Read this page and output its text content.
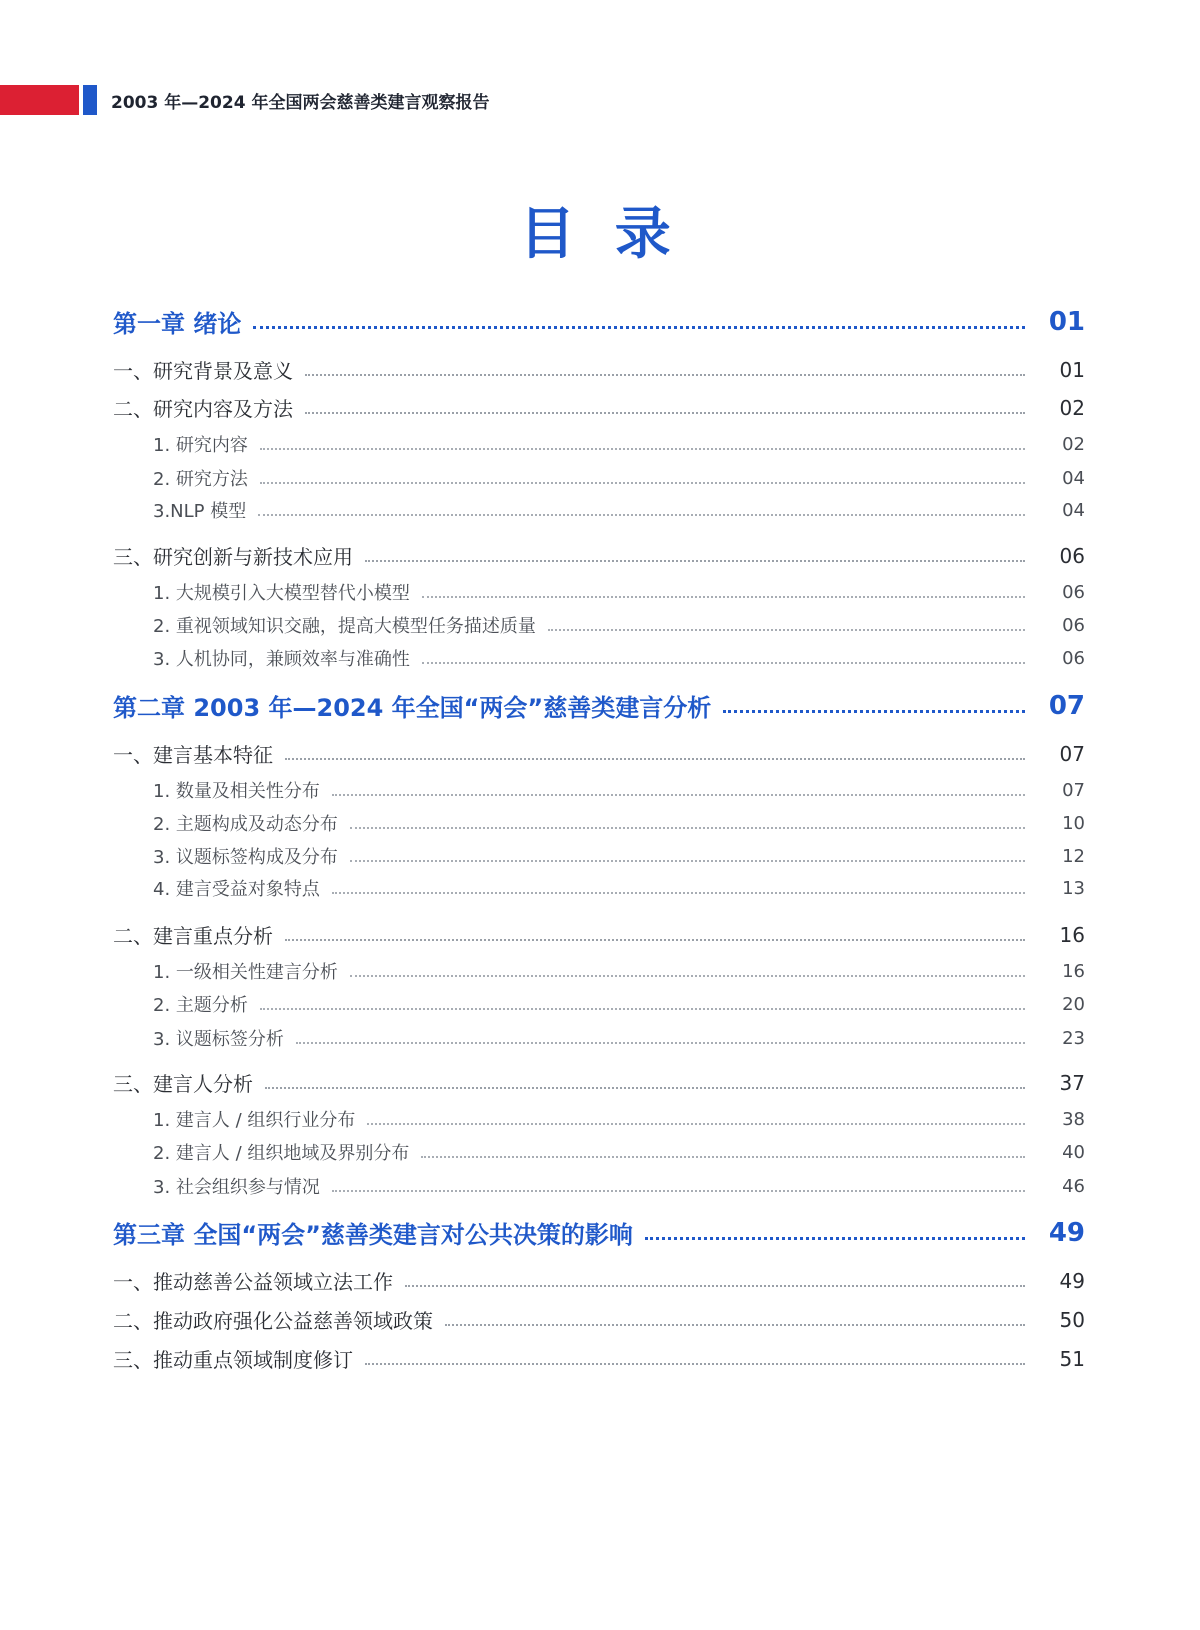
2003 年—2024 年全国两会慈善类建言观察报告
目 录
第一章 绪论	01
一、研究背景及意义	01
二、研究内容及方法	02
1. 研究内容	02
2. 研究方法	04
3.NLP 模型	04
三、研究创新与新技术应用	06
1. 大规模引入大模型替代小模型	06
2. 重视领域知识交融，提高大模型任务描述质量	06
3. 人机协同，兼顾效率与准确性	06
第二章 2003 年—2024 年全国“两会”慈善类建言分析	07
一、建言基本特征	07
1. 数量及相关性分布	07
2. 主题构成及动态分布	10
3. 议题标签构成及分布	12
4. 建言受益对象特点	13
二、建言重点分析	16
1. 一级相关性建言分析	16
2. 主题分析	20
3. 议题标签分析	23
三、建言人分析	37
1. 建言人 / 组织行业分布	38
2. 建言人 / 组织地域及界别分布	40
3. 社会组织参与情况	46
第三章 全国“两会”慈善类建言对公共决策的影响	49
一、推动慈善公益领域立法工作	49
二、推动政府强化公益慈善领域政策	50
三、推动重点领域制度修订	51
